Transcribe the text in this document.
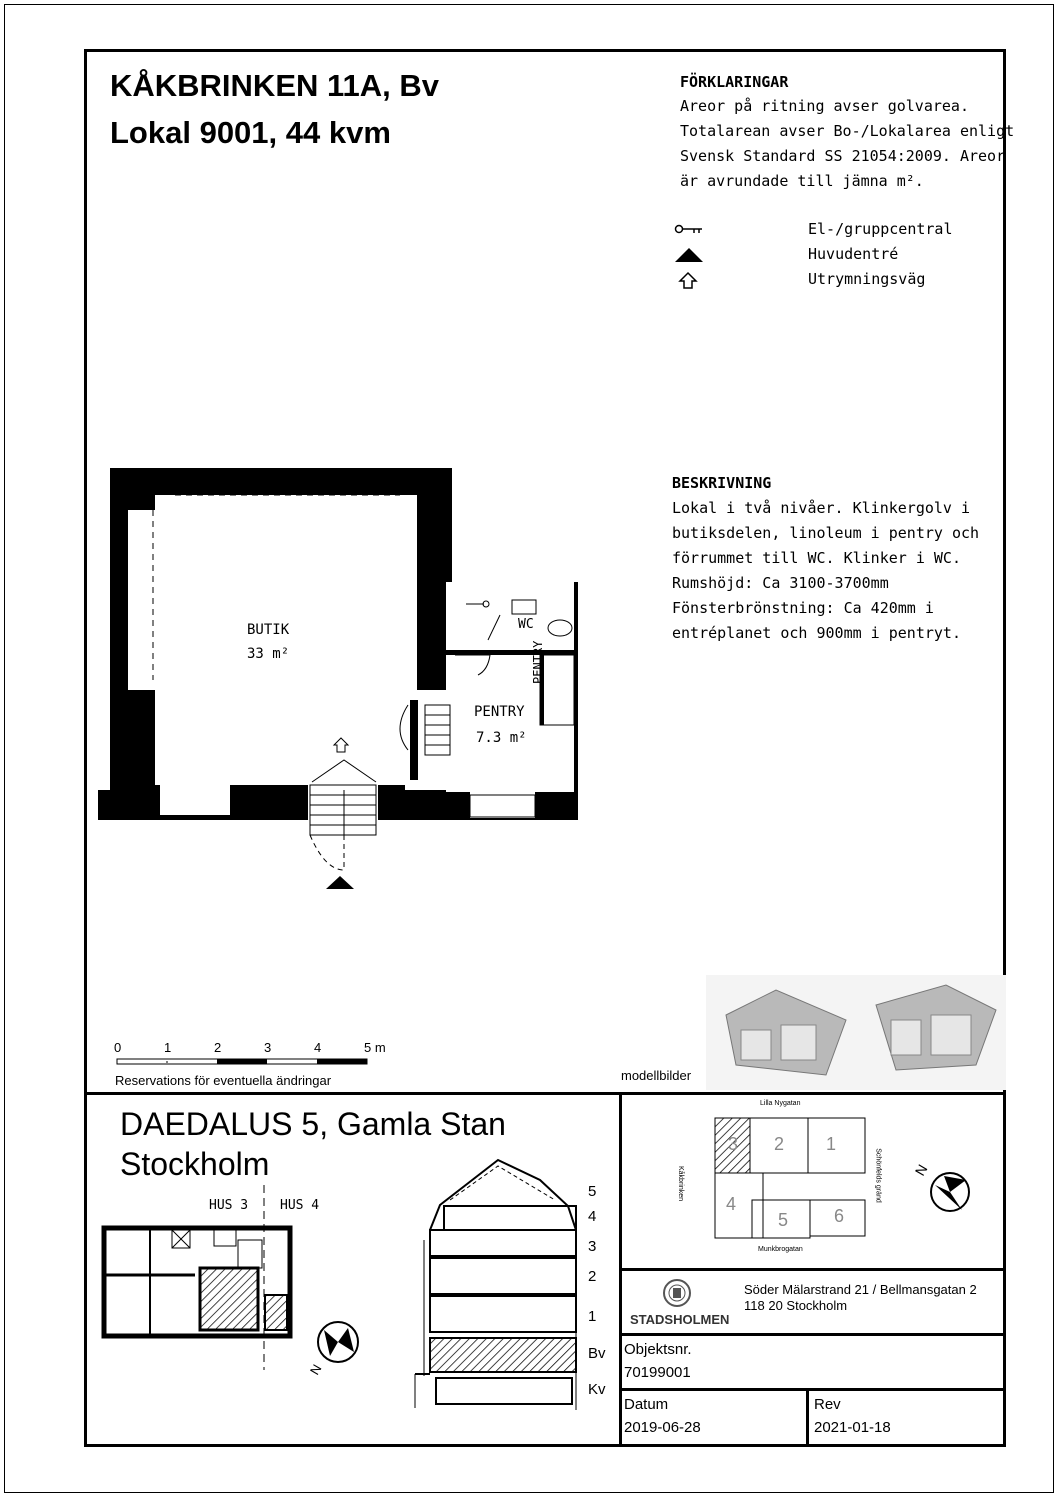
KÅKBRINKEN 11A, Bv
Lokal 9001, 44 kvm
FÖRKLARINGAR
Areor på ritning avser golvarea.
Totalarean avser Bo-/Lokalarea enligt
Svensk Standard SS 21054:2009. Areor
är avrundade till jämna m².
El-/gruppcentral
Huvudentré
Utrymningsväg
BESKRIVNING
Lokal i två nivåer. Klinkergolv i
butiksdelen, linoleum i pentry och
förrummet till WC. Klinker i WC.
Rumshöjd: Ca 3100-3700mm
Fönsterbrönstning: Ca 420mm i
entréplanet och 900mm i pentryt.
BUTIK
33 m²
PENTRY
7.3 m²
WC
PENTRY
0	1	2	3	4	5 m
Reservations för eventuella ändringar	modellbilder
DAEDALUS 5, Gamla Stan
Stockholm
HUS 3 HUS 4
N
5
4
3
2
1
Bv
Kv
Lilla Nygatan
Kåkbrinken	Schönfelds gränd
Munkbrogatan
3 2 1
4
5	6
N
STADSHOLMEN
Söder Mälarstrand 21 / Bellmansgatan 2
118 20 Stockholm
Objektsnr.
70199001
Datum
2019-06-28
Rev
2021-01-18
